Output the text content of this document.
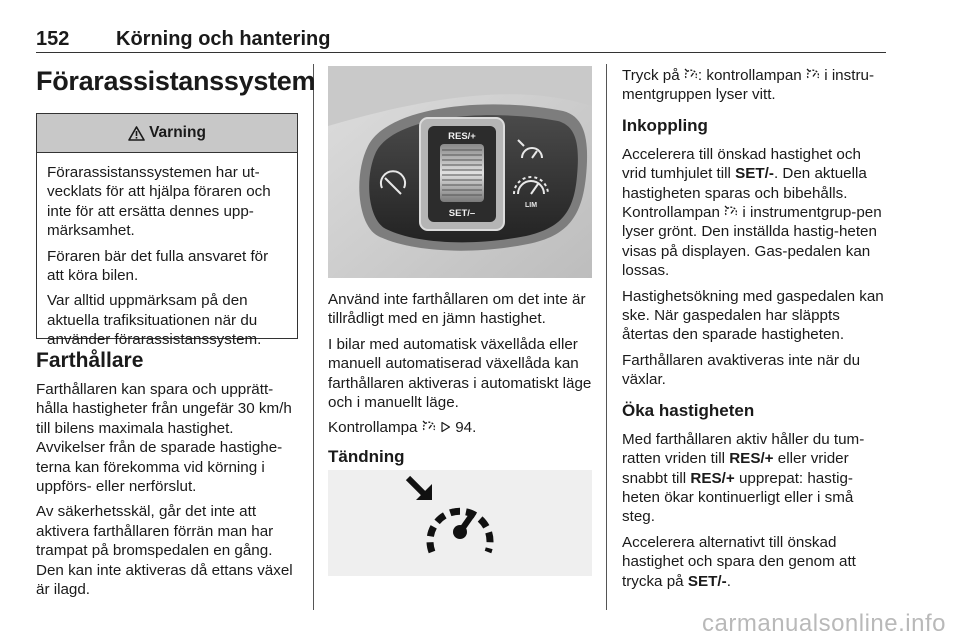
152 Körning och hantering
Förarassistanssystem
Varning

Förarassistanssystemen har ut-vecklats för att hjälpa föraren och inte för att ersätta dennes upp-märksamhet.

Föraren bär det fulla ansvaret för att köra bilen.

Var alltid uppmärksam på den aktuella trafiksituationen när du använder förarassistanssystem.

Farthållare

Farthållaren kan spara och upprätt-hålla hastigheter från ungefär 30 km/h till bilens maximala hastighet. Avvikelser från de sparade hastighe-terna kan förekomma vid körning i uppförs- eller nerförslut.

Av säkerhetsskäl, går det inte att aktivera farthållaren förrän man har trampat på bromspedalen en gång. Den kan inte aktiveras då ettans växel är ilagd.

RES/+
SET/–
LIM

Använd inte farthållaren om det inte är tillrådligt med en jämn hastighet.

I bilar med automatisk växellåda eller manuell automatiserad växellåda kan farthållaren aktiveras i automatiskt läge och i manuellt läge.

Kontrollampa 94.

Tändning

Tryck på : kontrollampan i instru-mentgruppen lyser vitt.

Inkoppling

Accelerera till önskad hastighet och vrid tumhjulet till SET/-. Den aktuella hastigheten sparas och bibehålls. Kontrollampan i instrumentgrup-pen lyser grönt. Den inställda hastig-heten visas på displayen. Gas-pedalen kan lossas.

Hastighetsökning med gaspedalen kan ske. När gaspedalen har släppts återtas den sparade hastigheten.

Farthållaren avaktiveras inte när du växlar.

Öka hastigheten

Med farthållaren aktiv håller du tum-ratten vriden till RES/+ eller vrider snabbt till RES/+ upprepat: hastig-heten ökar kontinuerligt eller i små steg.

Accelerera alternativt till önskad hastighet och spara den genom att trycka på SET/-.

carmanualsonline.info
